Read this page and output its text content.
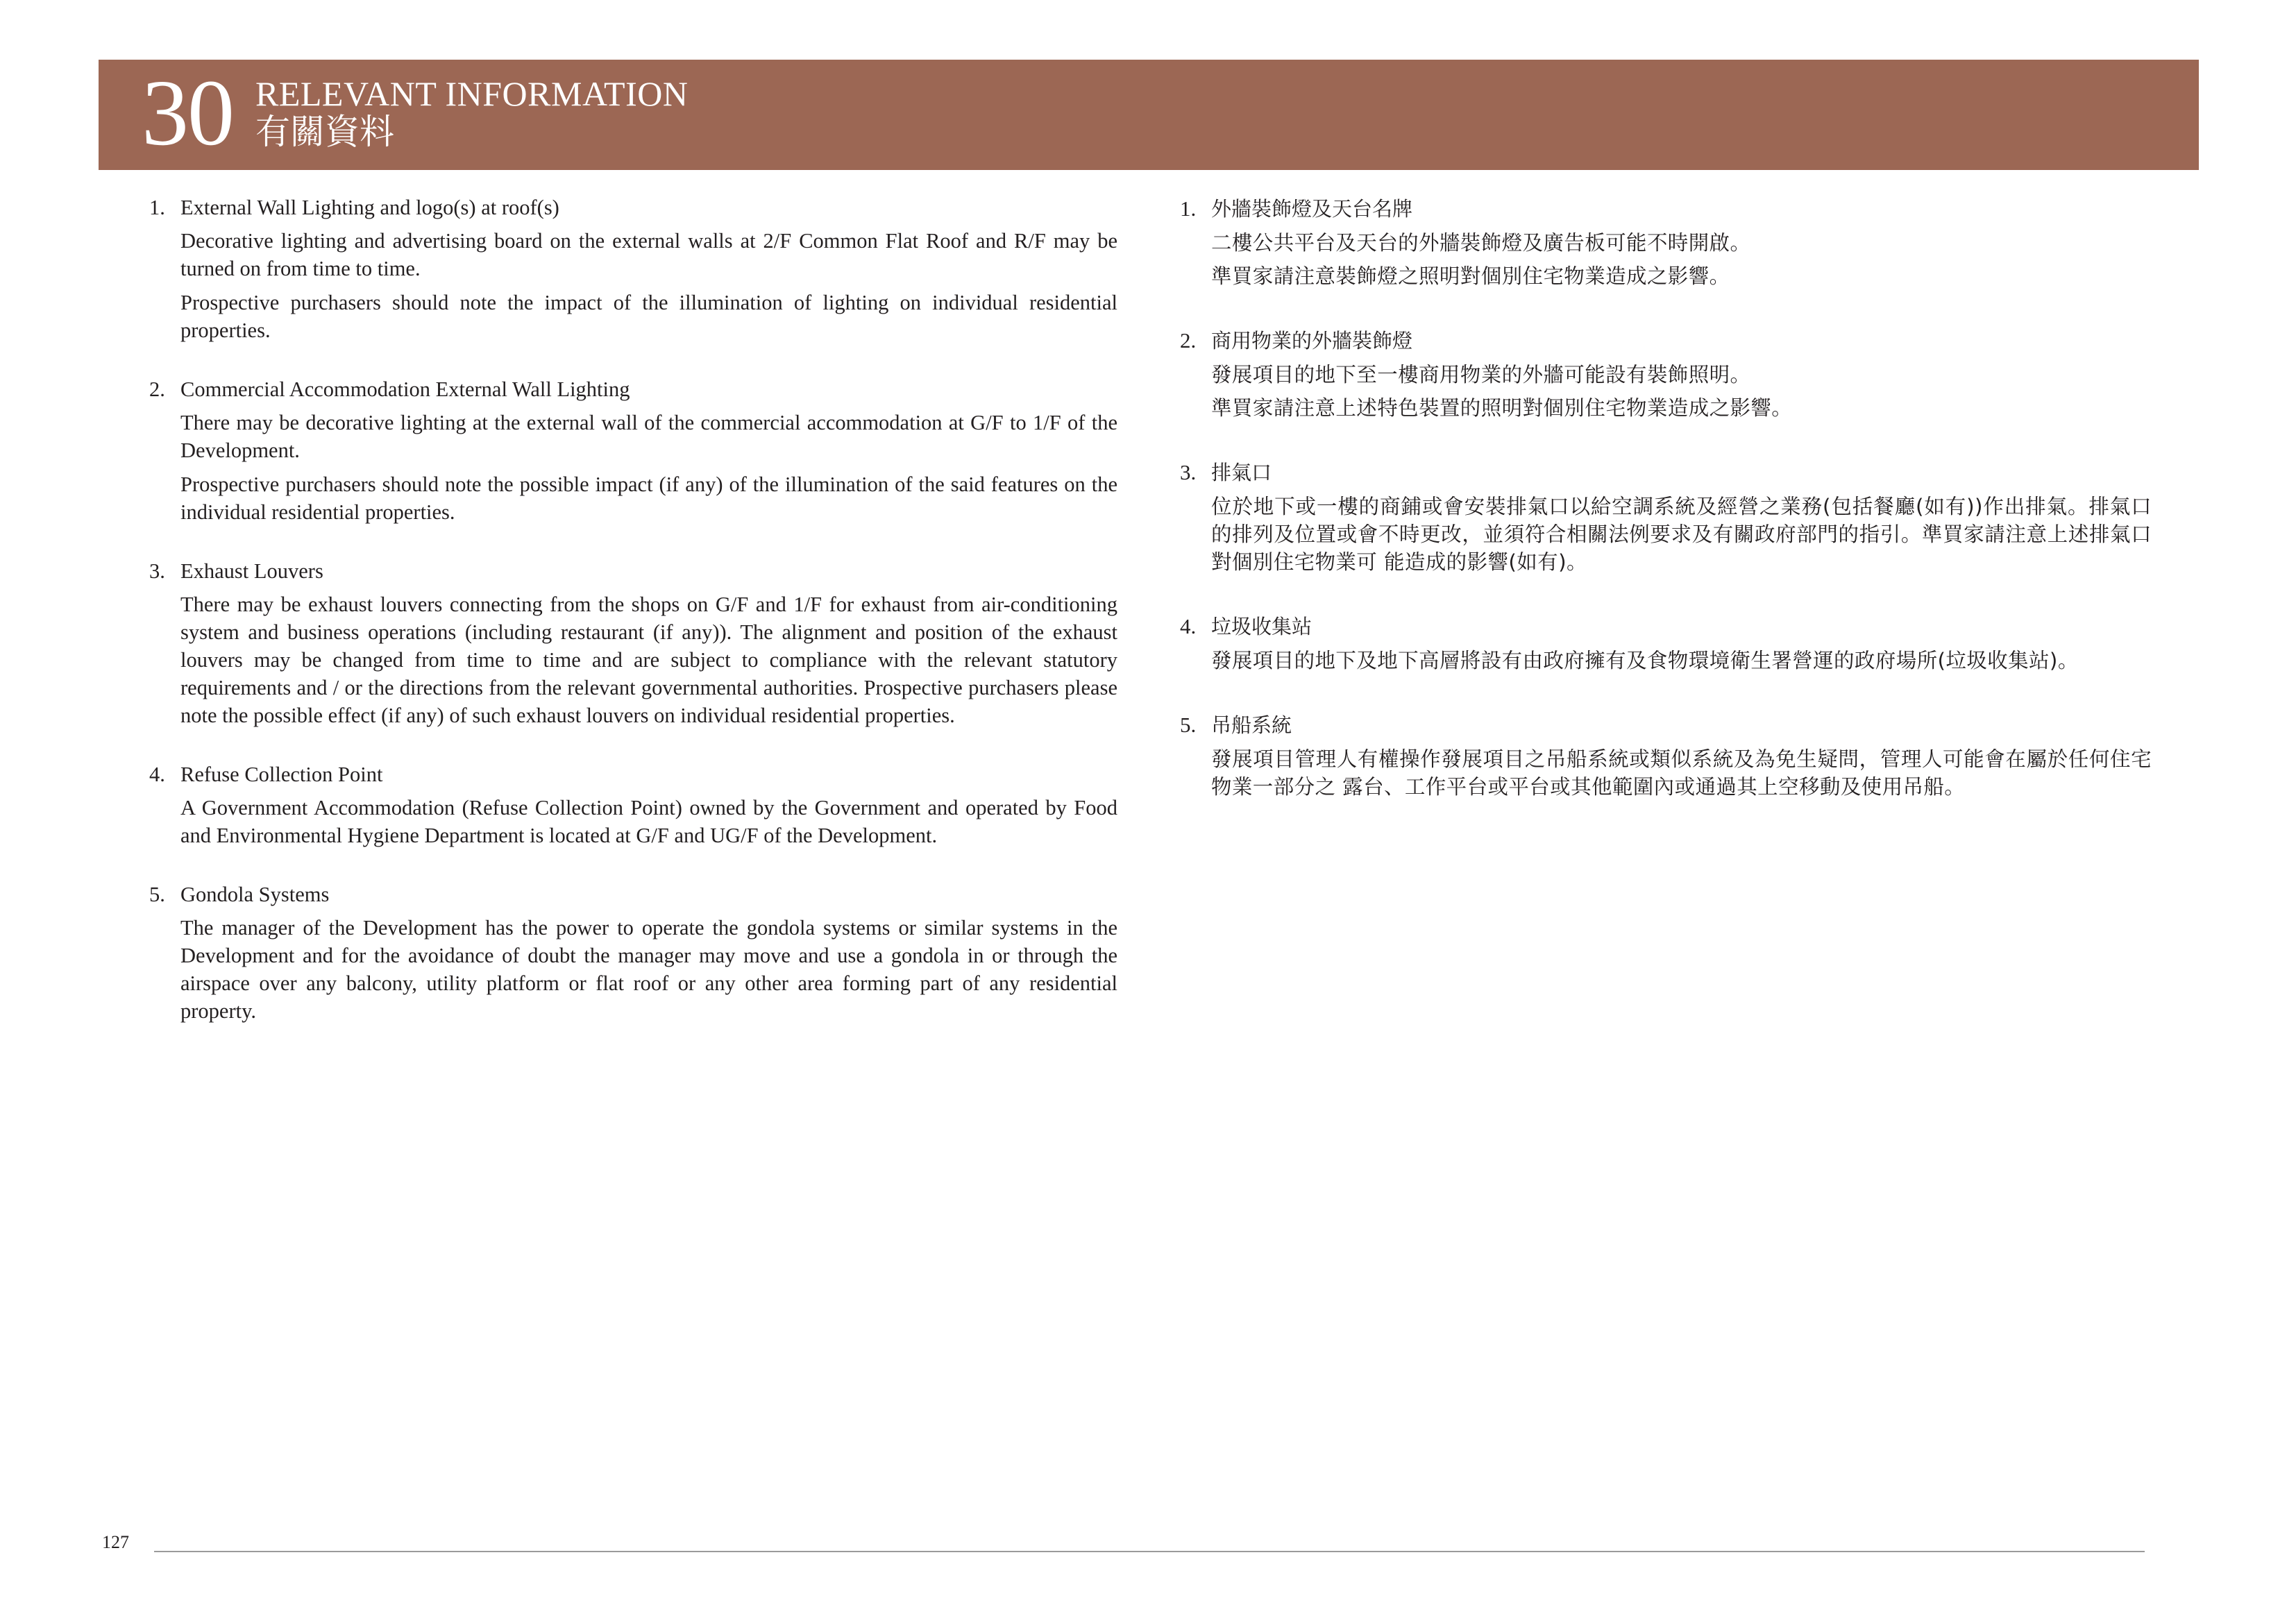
30 RELEVANT INFORMATION
有關資料
1. External Wall Lighting and logo(s) at roof(s)
Decorative lighting and advertising board on the external walls at 2/F Common Flat Roof and R/F may be turned on from time to time.
Prospective purchasers should note the impact of the illumination of lighting on individual residential properties.
2. Commercial Accommodation External Wall Lighting
There may be decorative lighting at the external wall of the commercial accommodation at G/F to 1/F of the Development.
Prospective purchasers should note the possible impact (if any) of the illumination of the said features on the individual residential properties.
3. Exhaust Louvers
There may be exhaust louvers connecting from the shops on G/F and 1/F for exhaust from air-conditioning system and business operations (including restaurant (if any)). The alignment and position of the exhaust louvers may be changed from time to time and are subject to compliance with the relevant statutory requirements and / or the directions from the relevant governmental authorities. Prospective purchasers please note the possible effect (if any) of such exhaust louvers on individual residential properties.
4. Refuse Collection Point
A Government Accommodation (Refuse Collection Point) owned by the Government and operated by Food and Environmental Hygiene Department is located at G/F and UG/F of the Development.
5. Gondola Systems
The manager of the Development has the power to operate the gondola systems or similar systems in the Development and for the avoidance of doubt the manager may move and use a gondola in or through the airspace over any balcony, utility platform or flat roof or any other area forming part of any residential property.
1. 外牆裝飾燈及天台名牌
二樓公共平台及天台的外牆裝飾燈及廣告板可能不時開啟。
準買家請注意裝飾燈之照明對個別住宅物業造成之影響。
2. 商用物業的外牆裝飾燈
發展項目的地下至一樓商用物業的外牆可能設有裝飾照明。
準買家請注意上述特色裝置的照明對個別住宅物業造成之影響。
3. 排氣口
位於地下或一樓的商鋪或會安裝排氣口以給空調系統及經營之業務(包括餐廳(如有))作出排氣。排氣口的排列及位置或會不時更改，並須符合相關法例要求及有關政府部門的指引。準買家請注意上述排氣口對個別住宅物業可 能造成的影響(如有)。
4. 垃圾收集站
發展項目的地下及地下高層將設有由政府擁有及食物環境衛生署營運的政府場所(垃圾收集站)。
5. 吊船系統
發展項目管理人有權操作發展項目之吊船系統或類似系統及為免生疑問，管理人可能會在屬於任何住宅物業一部分之 露台、工作平台或平台或其他範圍內或通過其上空移動及使用吊船。
127
